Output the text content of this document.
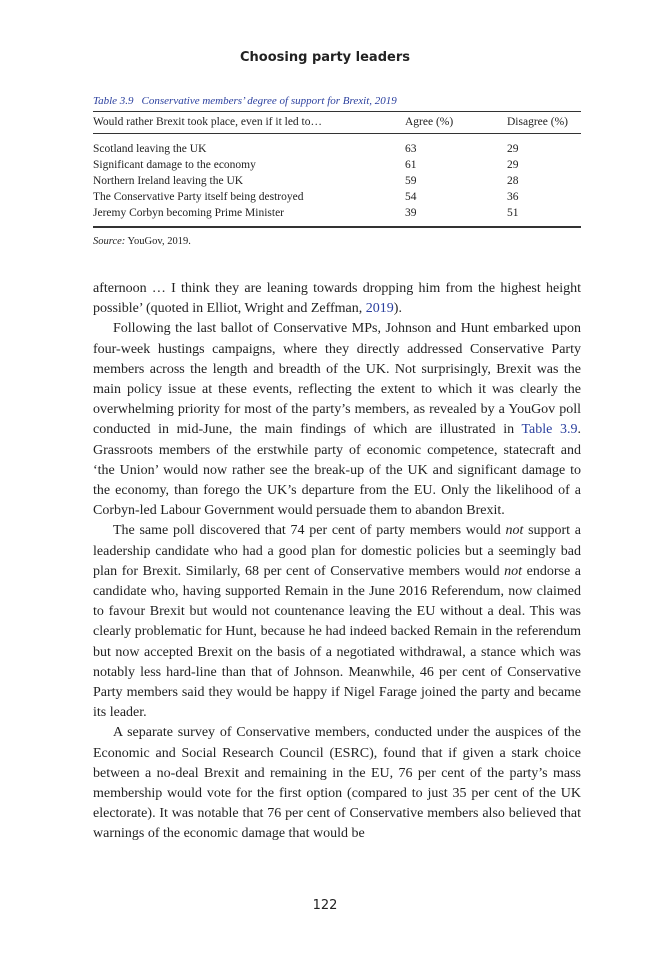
Choosing party leaders
Table 3.9 Conservative members’ degree of support for Brexit, 2019
Would rather Brexit took place, even if it led to…	Agree (%)	Disagree (%)
Scotland leaving the UK	63	29
Significant damage to the economy	61	29
Northern Ireland leaving the UK	59	28
The Conservative Party itself being destroyed	54	36
Jeremy Corbyn becoming Prime Minister	39	51
Source: YouGov, 2019.

afternoon … I think they are leaning towards dropping him from the highest height possible’ (quoted in Elliot, Wright and Zeffman, 2019).

Following the last ballot of Conservative MPs, Johnson and Hunt embarked upon four-week hustings campaigns, where they directly addressed Conservative Party members across the length and breadth of the UK. Not surprisingly, Brexit was the main policy issue at these events, reflecting the extent to which it was clearly the overwhelming priority for most of the party’s members, as revealed by a YouGov poll conducted in mid-June, the main findings of which are illustrated in Table 3.9. Grassroots members of the erstwhile party of economic competence, statecraft and ‘the Union’ would now rather see the break-up of the UK and significant damage to the economy, than forego the UK’s departure from the EU. Only the likelihood of a Corbyn-led Labour Government would persuade them to abandon Brexit.

The same poll discovered that 74 per cent of party members would not support a leadership candidate who had a good plan for domestic policies but a seemingly bad plan for Brexit. Similarly, 68 per cent of Conservative members would not endorse a candidate who, having supported Remain in the June 2016 Referendum, now claimed to favour Brexit but would not countenance leaving the EU without a deal. This was clearly problematic for Hunt, because he had indeed backed Remain in the referendum but now accepted Brexit on the basis of a negotiated withdrawal, a stance which was notably less hard-line than that of Johnson. Meanwhile, 46 per cent of Conservative Party members said they would be happy if Nigel Farage joined the party and became its leader.

A separate survey of Conservative members, conducted under the auspices of the Economic and Social Research Council (ESRC), found that if given a stark choice between a no-deal Brexit and remaining in the EU, 76 per cent of the party’s mass membership would vote for the first option (compared to just 35 per cent of the UK electorate). It was notable that 76 per cent of Conservative members also believed that warnings of the economic damage that would be

122
